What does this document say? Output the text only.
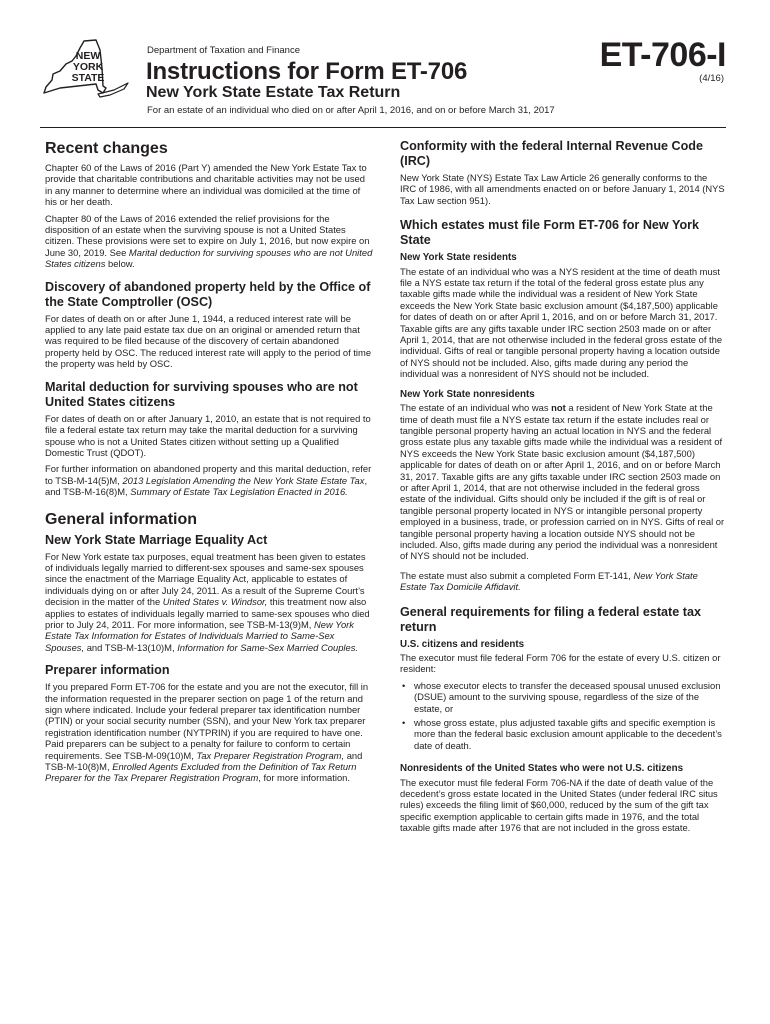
NEW
YORK
STATE
Department of Taxation and Finance
Instructions for Form ET-706
New York State Estate Tax Return
For an estate of an individual who died on or after April 1, 2016, and on or before March 31, 2017
ET-706-I
(4/16)
Recent changes

Chapter 60 of the Laws of 2016 (Part Y) amended the New York Estate Tax to provide that charitable contributions and charitable activities may not be used in any manner to determine where an individual was domiciled at the time of his or her death.

Chapter 80 of the Laws of 2016 extended the relief provisions for the disposition of an estate when the surviving spouse is not a United States citizen. These provisions were set to expire on July 1, 2016, but now expire on June 30, 2019. See Marital deduction for surviving spouses who are not United States citizens below.

Discovery of abandoned property held by the Office of the State Comptroller (OSC)

For dates of death on or after June 1, 1944, a reduced interest rate will be applied to any late paid estate tax due on an original or amended return that was required to be filed because of the discovery of certain abandoned property held by OSC. The reduced interest rate will apply to the period of time the property was held by OSC.

Marital deduction for surviving spouses who are not United States citizens

For dates of death on or after January 1, 2010, an estate that is not required to file a federal estate tax return may take the marital deduction for a surviving spouse who is not a United States citizen without setting up a Qualified Domestic Trust (QDOT).

For further information on abandoned property and this marital deduction, refer to TSB-M-14(5)M, 2013 Legislation Amending the New York State Estate Tax, and TSB-M-16(8)M, Summary of Estate Tax Legislation Enacted in 2016.

General information
New York State Marriage Equality Act

For New York estate tax purposes, equal treatment has been given to estates of individuals legally married to different-sex spouses and same-sex spouses since the enactment of the Marriage Equality Act, applicable to estates of individuals dying on or after July 24, 2011. As a result of the Supreme Court’s decision in the matter of the United States v. Windsor, this treatment now also applies to estates of individuals legally married to same-sex spouses who died prior to July 24, 2011. For more information, see TSB-M-13(9)M, New York Estate Tax Information for Estates of Individuals Married to Same-Sex Spouses, and TSB-M-13(10)M, Information for Same-Sex Married Couples.

Preparer information

If you prepared Form ET-706 for the estate and you are not the executor, fill in the information requested in the preparer section on page 1 of the return and sign where indicated. Include your federal preparer tax identification number (PTIN) or your social security number (SSN), and your New York tax preparer registration identification number (NYTPRIN) if you are required to have one. Paid preparers can be subject to a penalty for failure to conform to certain requirements. See TSB-M-09(10)M, Tax Preparer Registration Program, and TSB-M-10(8)M, Enrolled Agents Excluded from the Definition of Tax Return Preparer for the Tax Preparer Registration Program, for more information.

Conformity with the federal Internal Revenue Code (IRC)

New York State (NYS) Estate Tax Law Article 26 generally conforms to the IRC of 1986, with all amendments enacted on or before January 1, 2014 (NYS Tax Law section 951).

Which estates must file Form ET-706 for New York State
New York State residents

The estate of an individual who was a NYS resident at the time of death must file a NYS estate tax return if the total of the federal gross estate plus any taxable gifts made while the individual was a resident of New York State exceeds the New York State basic exclusion amount ($4,187,500) applicable for dates of death on or after April 1, 2016, and on or before March 31, 2017. Taxable gifts are any gifts taxable under IRC section 2503 made on or after April 1, 2014, that are not otherwise included in the federal gross estate of the individual. Gifts of real or tangible personal property having a location outside of NYS should not be included. Also, gifts made during any period the individual was a nonresident of NYS should not be included.

New York State nonresidents

The estate of an individual who was not a resident of New York State at the time of death must file a NYS estate tax return if the estate includes real or tangible personal property having an actual location in NYS and the federal gross estate plus any taxable gifts made while the individual was a resident of NYS exceeds the New York State basic exclusion amount ($4,187,500) applicable for dates of death on or after April 1, 2016, and on or before March 31, 2017. Taxable gifts are any gifts taxable under IRC section 2503 made on or after April 1, 2014, that are not otherwise included in the federal gross estate of the individual. Gifts should only be included if the gift is of real or tangible personal property located in NYS or intangible personal property employed in a business, trade, or profession carried on in NYS. Gifts of real or tangible personal property having a location outside NYS should not be included. Also, gifts made during any period the individual was a nonresident of NYS should not be included.

The estate must also submit a completed Form ET-141, New York State Estate Tax Domicile Affidavit.

General requirements for filing a federal estate tax return
U.S. citizens and residents

The executor must file federal Form 706 for the estate of every U.S. citizen or resident:

• whose executor elects to transfer the deceased spousal unused exclusion (DSUE) amount to the surviving spouse, regardless of the size of the estate, or
• whose gross estate, plus adjusted taxable gifts and specific exemption is more than the federal basic exclusion amount applicable to the decedent’s date of death.
Nonresidents of the United States who were not U.S. citizens

The executor must file federal Form 706-NA if the date of death value of the decedent’s gross estate located in the United States (under federal IRC situs rules) exceeds the filing limit of $60,000, reduced by the sum of the gift tax specific exemption applicable to certain gifts made in 1976, and the total taxable gifts made after 1976 that are not included in the gross estate.
